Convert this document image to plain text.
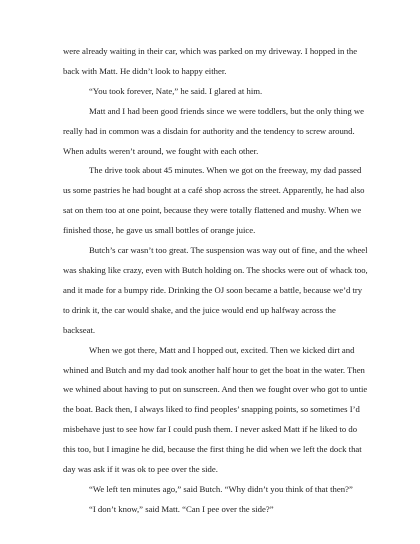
were already waiting in their car, which was parked on my driveway. I hopped in the back with Matt. He didn’t look to happy either.

“You took forever, Nate,” he said. I glared at him.

Matt and I had been good friends since we were toddlers, but the only thing we really had in common was a disdain for authority and the tendency to screw around. When adults weren’t around, we fought with each other.

The drive took about 45 minutes. When we got on the freeway, my dad passed us some pastries he had bought at a café shop across the street. Apparently, he had also sat on them too at one point, because they were totally flattened and mushy. When we finished those, he gave us small bottles of orange juice.

Butch’s car wasn’t too great. The suspension was way out of fine, and the wheel was shaking like crazy, even with Butch holding on. The shocks were out of whack too, and it made for a bumpy ride. Drinking the OJ soon became a battle, because we’d try to drink it, the car would shake, and the juice would end up halfway across the backseat.

When we got there, Matt and I hopped out, excited. Then we kicked dirt and whined and Butch and my dad took another half hour to get the boat in the water. Then we whined about having to put on sunscreen. And then we fought over who got to untie the boat. Back then, I always liked to find peoples’ snapping points, so sometimes I’d misbehave just to see how far I could push them. I never asked Matt if he liked to do this too, but I imagine he did, because the first thing he did when we left the dock that day was ask if it was ok to pee over the side.

“We left ten minutes ago,” said Butch. “Why didn’t you think of that then?”

“I don’t know,” said Matt. “Can I pee over the side?”
